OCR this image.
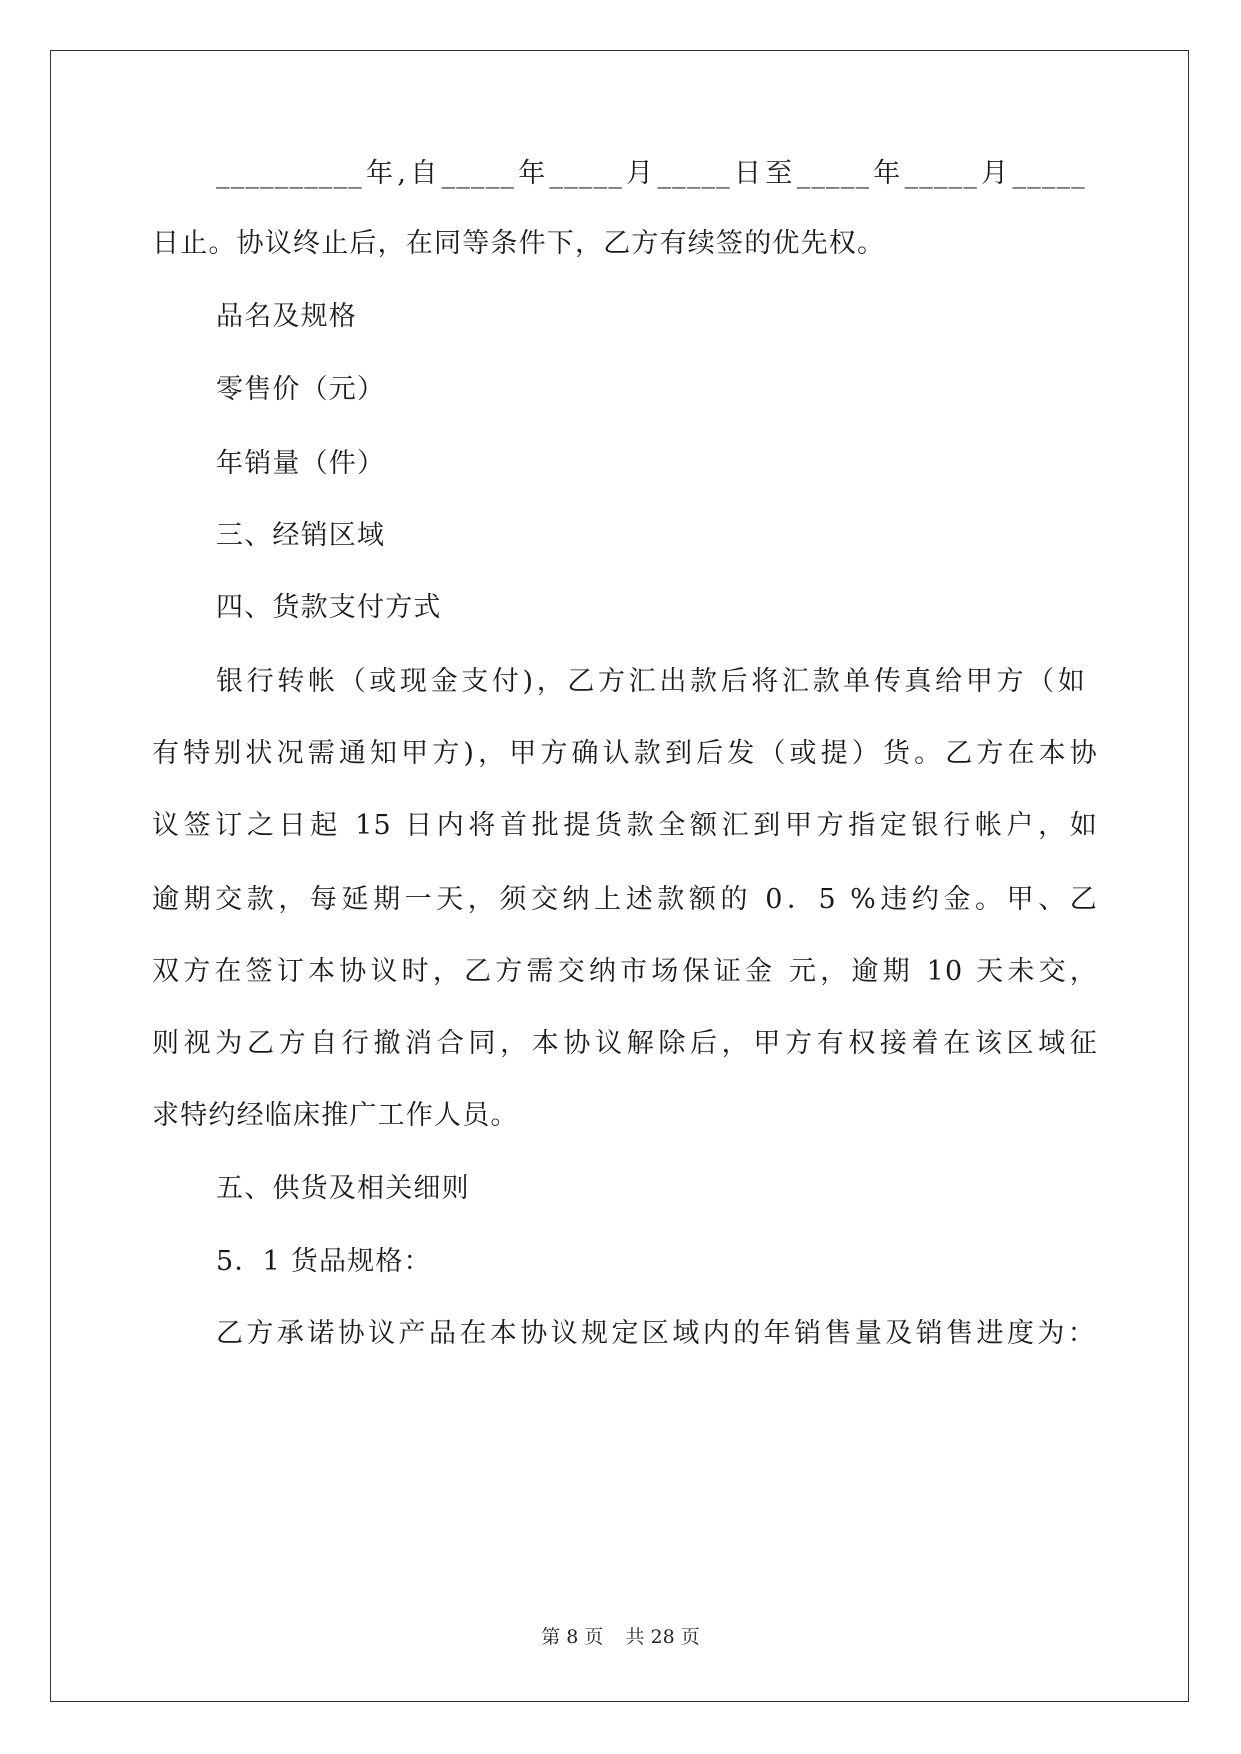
__________年,自_____年_____月_____日至_____年_____月_____
日止。协议终止后，在同等条件下，乙方有续签的优先权。
品名及规格
零售价（元）
年销量（件）
三、经销区域
四、货款支付方式
银行转帐（或现金支付)，乙方汇出款后将汇款单传真给甲方（如
有特别状况需通知甲方)，甲方确认款到后发（或提）货。乙方在本协
议签订之日起 15 日内将首批提货款全额汇到甲方指定银行帐户，如
逾期交款，每延期一天，须交纳上述款额的 0．5 %违约金。甲、乙
双方在签订本协议时，乙方需交纳市场保证金 元，逾期 10 天未交，
则视为乙方自行撤消合同，本协议解除后，甲方有权接着在该区域征
求特约经临床推广工作人员。
五、供货及相关细则
5．1 货品规格：
乙方承诺协议产品在本协议规定区域内的年销售量及销售进度为：
第 8 页 共 28 页
